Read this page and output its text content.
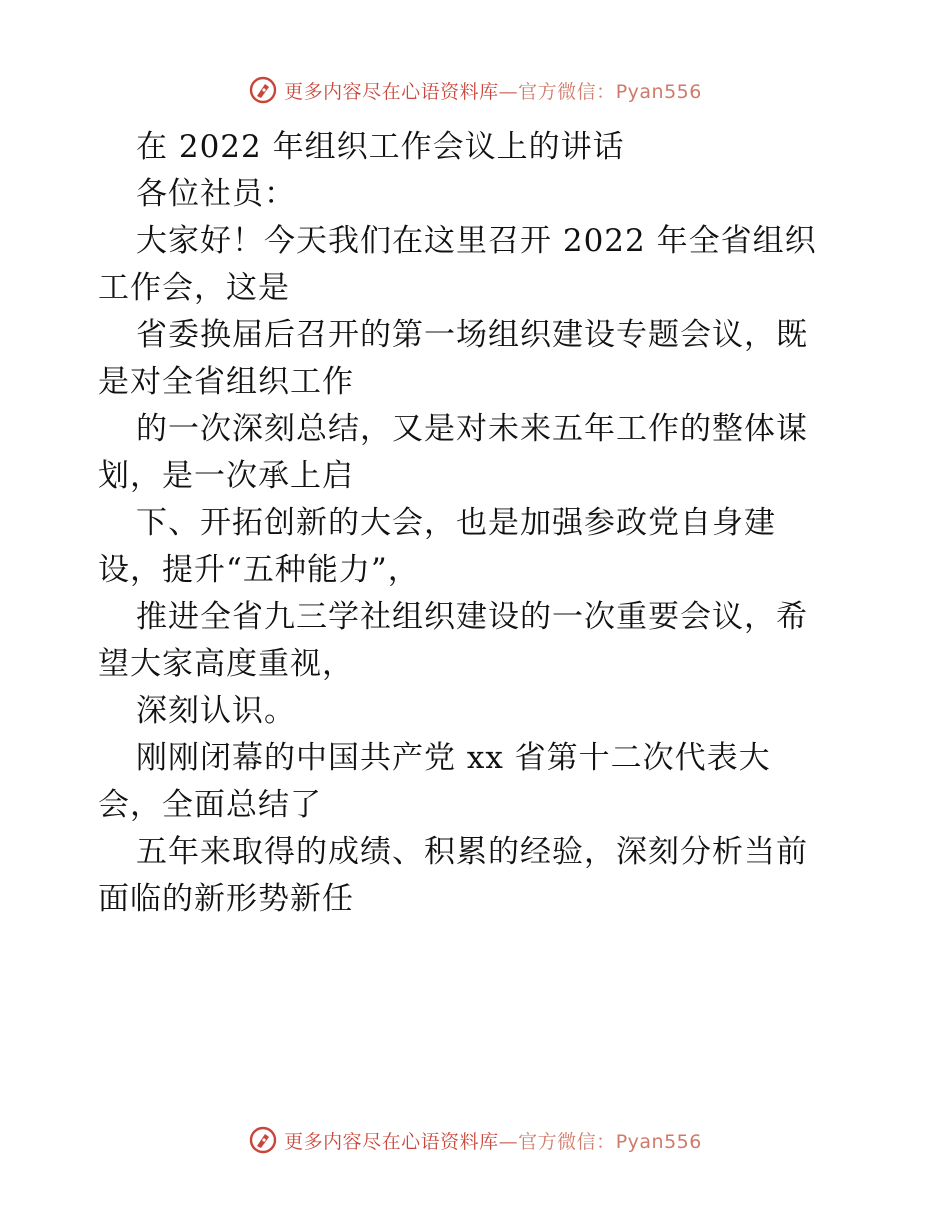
更多内容尽在心语资料库—官方微信：Pyan556
在 2022 年组织工作会议上的讲话
各位社员：
大家好！今天我们在这里召开 2022 年全省组织
工作会，这是
省委换届后召开的第一场组织建设专题会议，既
是对全省组织工作
的一次深刻总结，又是对未来五年工作的整体谋
划，是一次承上启
下、开拓创新的大会，也是加强参政党自身建
设，提升“五种能力”，
推进全省九三学社组织建设的一次重要会议，希
望大家高度重视，
深刻认识。
刚刚闭幕的中国共产党 xx 省第十二次代表大
会，全面总结了
五年来取得的成绩、积累的经验，深刻分析当前
面临的新形势新任
更多内容尽在心语资料库—官方微信：Pyan556
